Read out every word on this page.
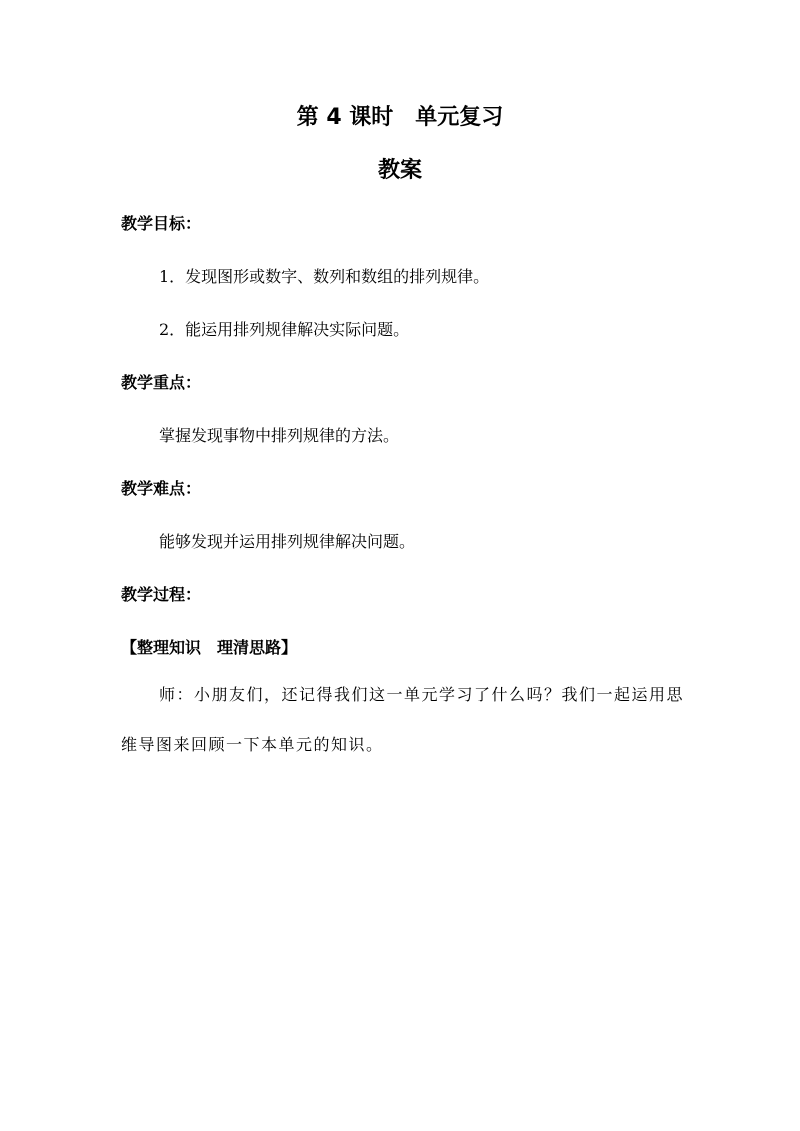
第 4 课时　单元复习
教案
教学目标：
1．发现图形或数字、数列和数组的排列规律。
2．能运用排列规律解决实际问题。
教学重点：
掌握发现事物中排列规律的方法。
教学难点：
能够发现并运用排列规律解决问题。
教学过程：
【整理知识　理清思路】
师：小朋友们，还记得我们这一单元学习了什么吗？我们一起运用思维导图来回顾一下本单元的知识。
